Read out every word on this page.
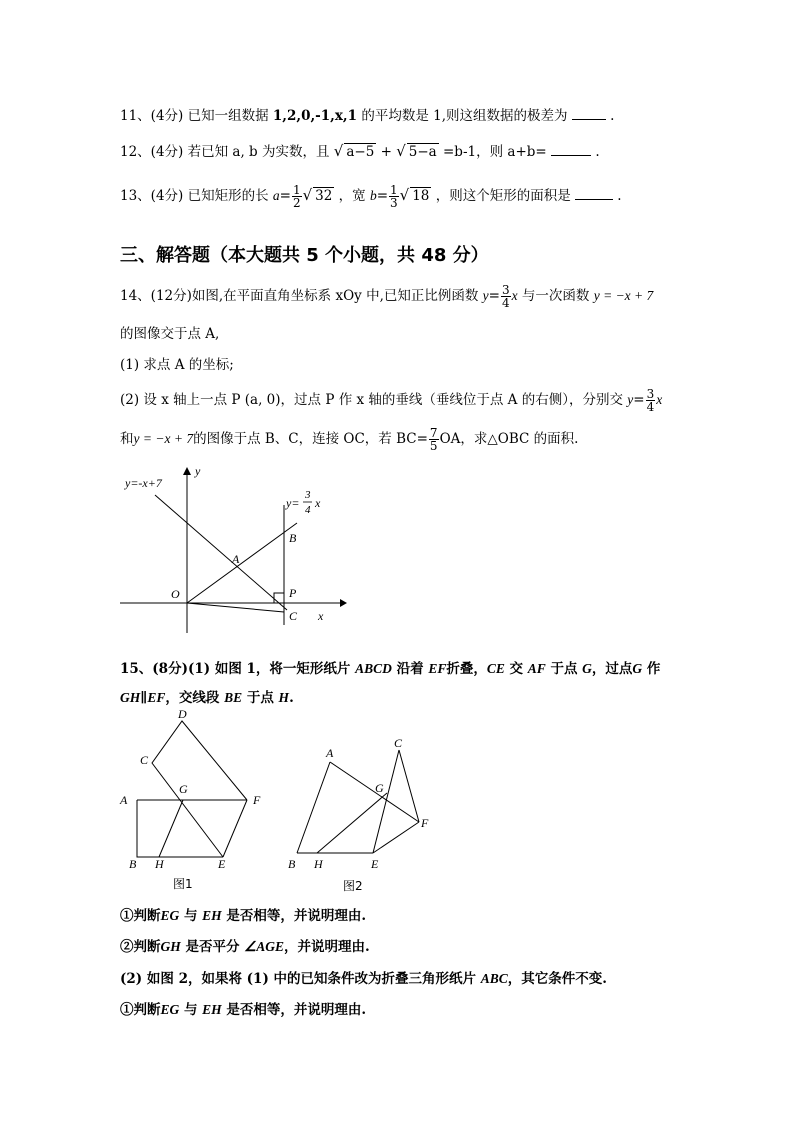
11、(4分) 已知一组数据 1,2,0,-1,x,1 的平均数是 1,则这组数据的极差为	.
12、(4分) 若已知 a, b 为实数，且 √ a−5 + √ 5−a =b-1，则 a+b=	.
13、(4分) 已知矩形的长 $a= \frac{1}{2}$ √ 32 ，宽 $b= \frac{1}{3}$ √ 18 ，则这个矩形的面积是	.
三、解答题（本大题共 5 个小题，共 48 分）
14、(12分)如图,在平面直角坐标系 xOy 中,已知正比例函数 $y= \frac{3}{4}$ x 与一次函数 y = −x + 7
的图像交于点 A,
(1) 求点 A 的坐标;
(2) 设 x 轴上一点 P (a, 0)，过点 P 作 x 轴的垂线（垂线位于点 A 的右侧），分别交 $y= \frac{3}{4}$ x
和y = −x + 7的图像于点 B、C，连接 OC，若 $BC= \frac{7}{5}$ OA，求△OBC 的面积.
y=-x+7
y
x
y=
3
4 x
O
A
B
P
C
15、(8分)(1) 如图 1，将一矩形纸片 ABCD 沿着 EF折叠，CE 交 AF 于点 G，过点G 作
GH∥EF，交线段 BE 于点 H.
D
C
A
G
F
B H	E
图1
A
C
G
F
B H	E
图2
①判断EG 与 EH 是否相等，并说明理由.
②判断GH 是否平分 ∠AGE，并说明理由.
(2) 如图 2，如果将 (1) 中的已知条件改为折叠三角形纸片 ABC，其它条件不变.
①判断EG 与 EH 是否相等，并说明理由.
